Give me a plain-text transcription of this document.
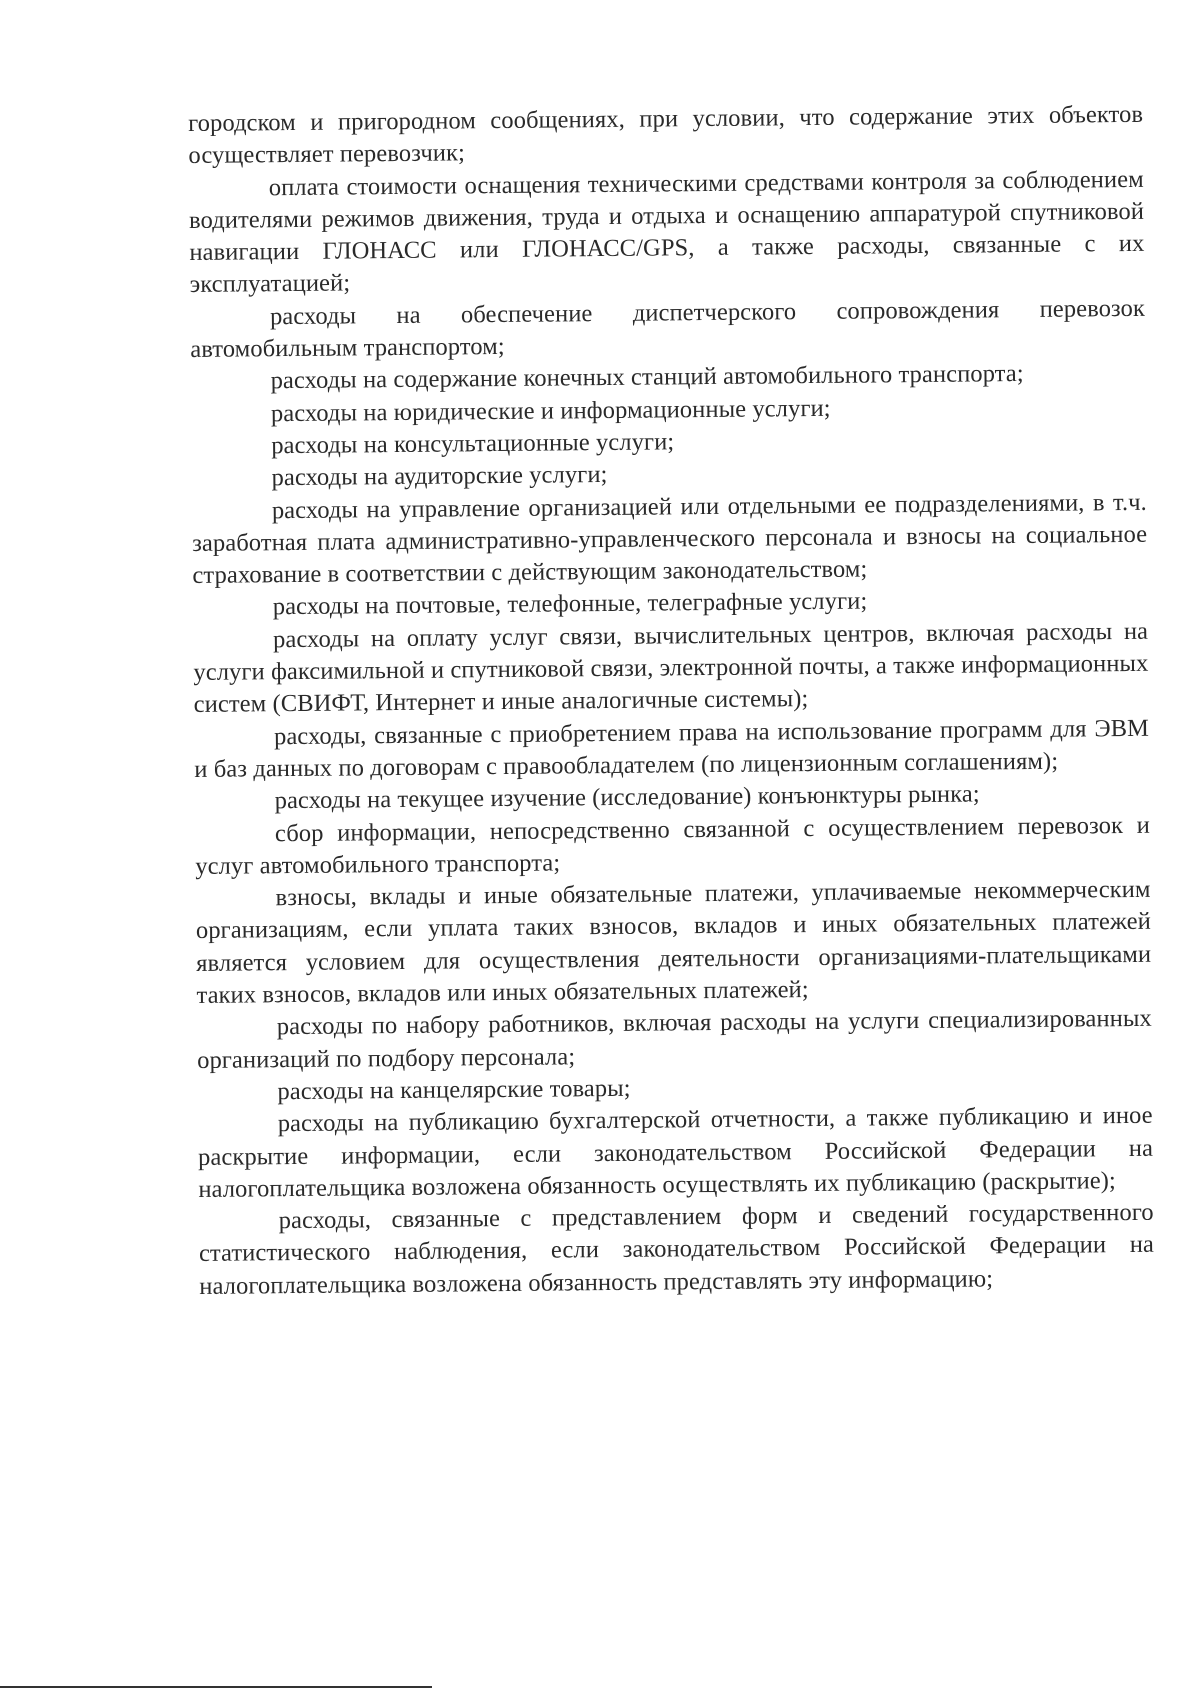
городском и пригородном сообщениях, при условии, что содержание этих объектов осуществляет перевозчик;

оплата стоимости оснащения техническими средствами контроля за соблюдением водителями режимов движения, труда и отдыха и оснащению аппаратурой спутниковой навигации ГЛОНАСС или ГЛОНАСС/GPS, а также расходы, связанные с их эксплуатацией;

расходы на обеспечение диспетчерского сопровождения перевозок автомобильным транспортом;

расходы на содержание конечных станций автомобильного транспорта;

расходы на юридические и информационные услуги;

расходы на консультационные услуги;

расходы на аудиторские услуги;

расходы на управление организацией или отдельными ее подразделениями, в т.ч. заработная плата административно-управленческого персонала и взносы на социальное страхование в соответствии с действующим законодательством;

расходы на почтовые, телефонные, телеграфные услуги;

расходы на оплату услуг связи, вычислительных центров, включая расходы на услуги факсимильной и спутниковой связи, электронной почты, а также информационных систем (СВИФТ, Интернет и иные аналогичные системы);

расходы, связанные с приобретением права на использование программ для ЭВМ и баз данных по договорам с правообладателем (по лицензионным соглашениям);

расходы на текущее изучение (исследование) конъюнктуры рынка;

сбор информации, непосредственно связанной с осуществлением перевозок и услуг автомобильного транспорта;

взносы, вклады и иные обязательные платежи, уплачиваемые некоммерческим организациям, если уплата таких взносов, вкладов и иных обязательных платежей является условием для осуществления деятельности организациями-плательщиками таких взносов, вкладов или иных обязательных платежей;

расходы по набору работников, включая расходы на услуги специализированных организаций по подбору персонала;

расходы на канцелярские товары;

расходы на публикацию бухгалтерской отчетности, а также публикацию и иное раскрытие информации, если законодательством Российской Федерации на налогоплательщика возложена обязанность осуществлять их публикацию (раскрытие);

расходы, связанные с представлением форм и сведений государственного статистического наблюдения, если законодательством Российской Федерации на налогоплательщика возложена обязанность представлять эту информацию;
